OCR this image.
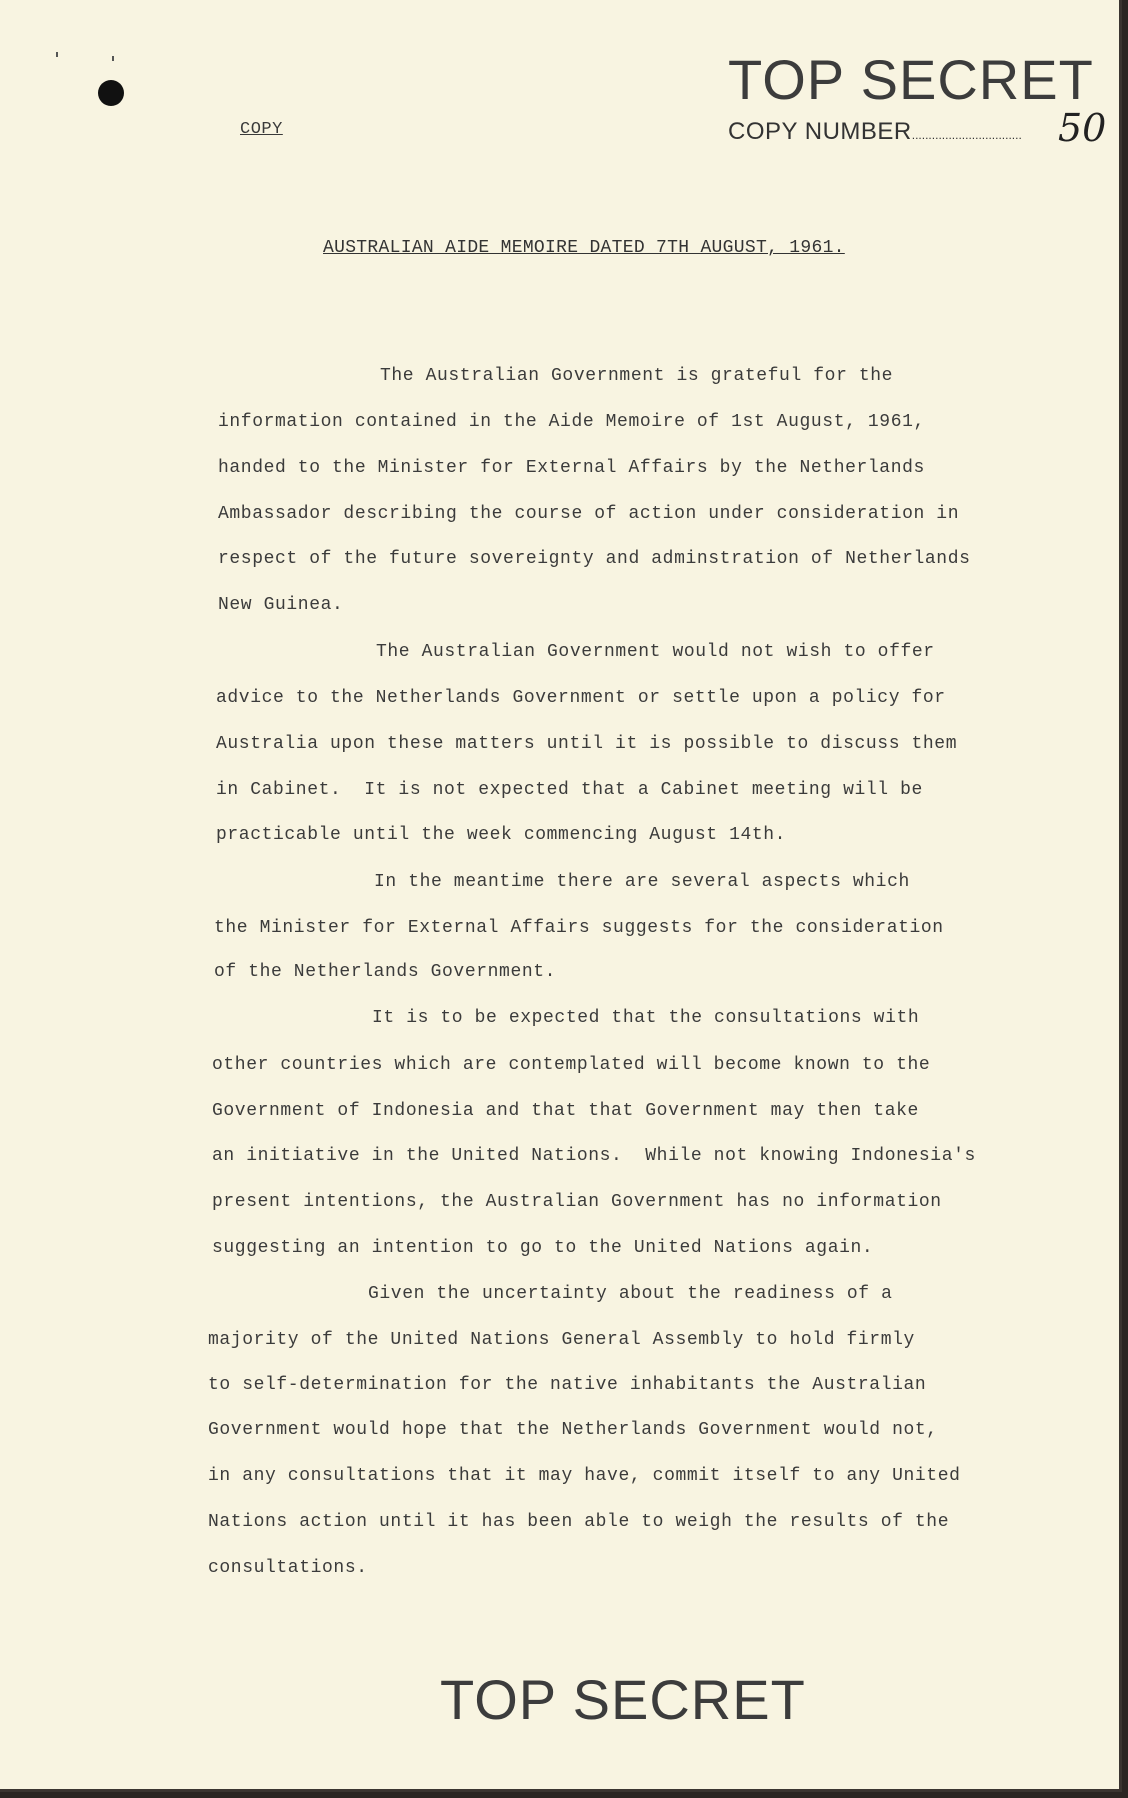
COPY
TOP SECRET
COPY NUMBER................................. 50
AUSTRALIAN AIDE_MEMOIRE DATED 7TH AUGUST, 1961.
The Australian Government is grateful for the
information contained in the Aide Memoire of 1st August, 1961,
handed to the Minister for External Affairs by the Netherlands
Ambassador describing the course of action under consideration in
respect of the future sovereignty and adminstration of Netherlands
New Guinea.
The Australian Government would not wish to offer
advice to the Netherlands Government or settle upon a policy for
Australia upon these matters until it is possible to discuss them
in Cabinet.  It is not expected that a Cabinet meeting will be
practicable until the week commencing August 14th.
In the meantime there are several aspects which
the Minister for External Affairs suggests for the consideration
of the Netherlands Government.
It is to be expected that the consultations with
other countries which are contemplated will become known to the
Government of Indonesia and that that Government may then take
an initiative in the United Nations.  While not knowing Indonesia's
present intentions, the Australian Government has no information
suggesting an intention to go to the United Nations again.
Given the uncertainty about the readiness of a
majority of the United Nations General Assembly to hold firmly
to self-determination for the native inhabitants the Australian
Government would hope that the Netherlands Government would not,
in any consultations that it may have, commit itself to any United
Nations action until it has been able to weigh the results of the
consultations.
TOP SECRET
